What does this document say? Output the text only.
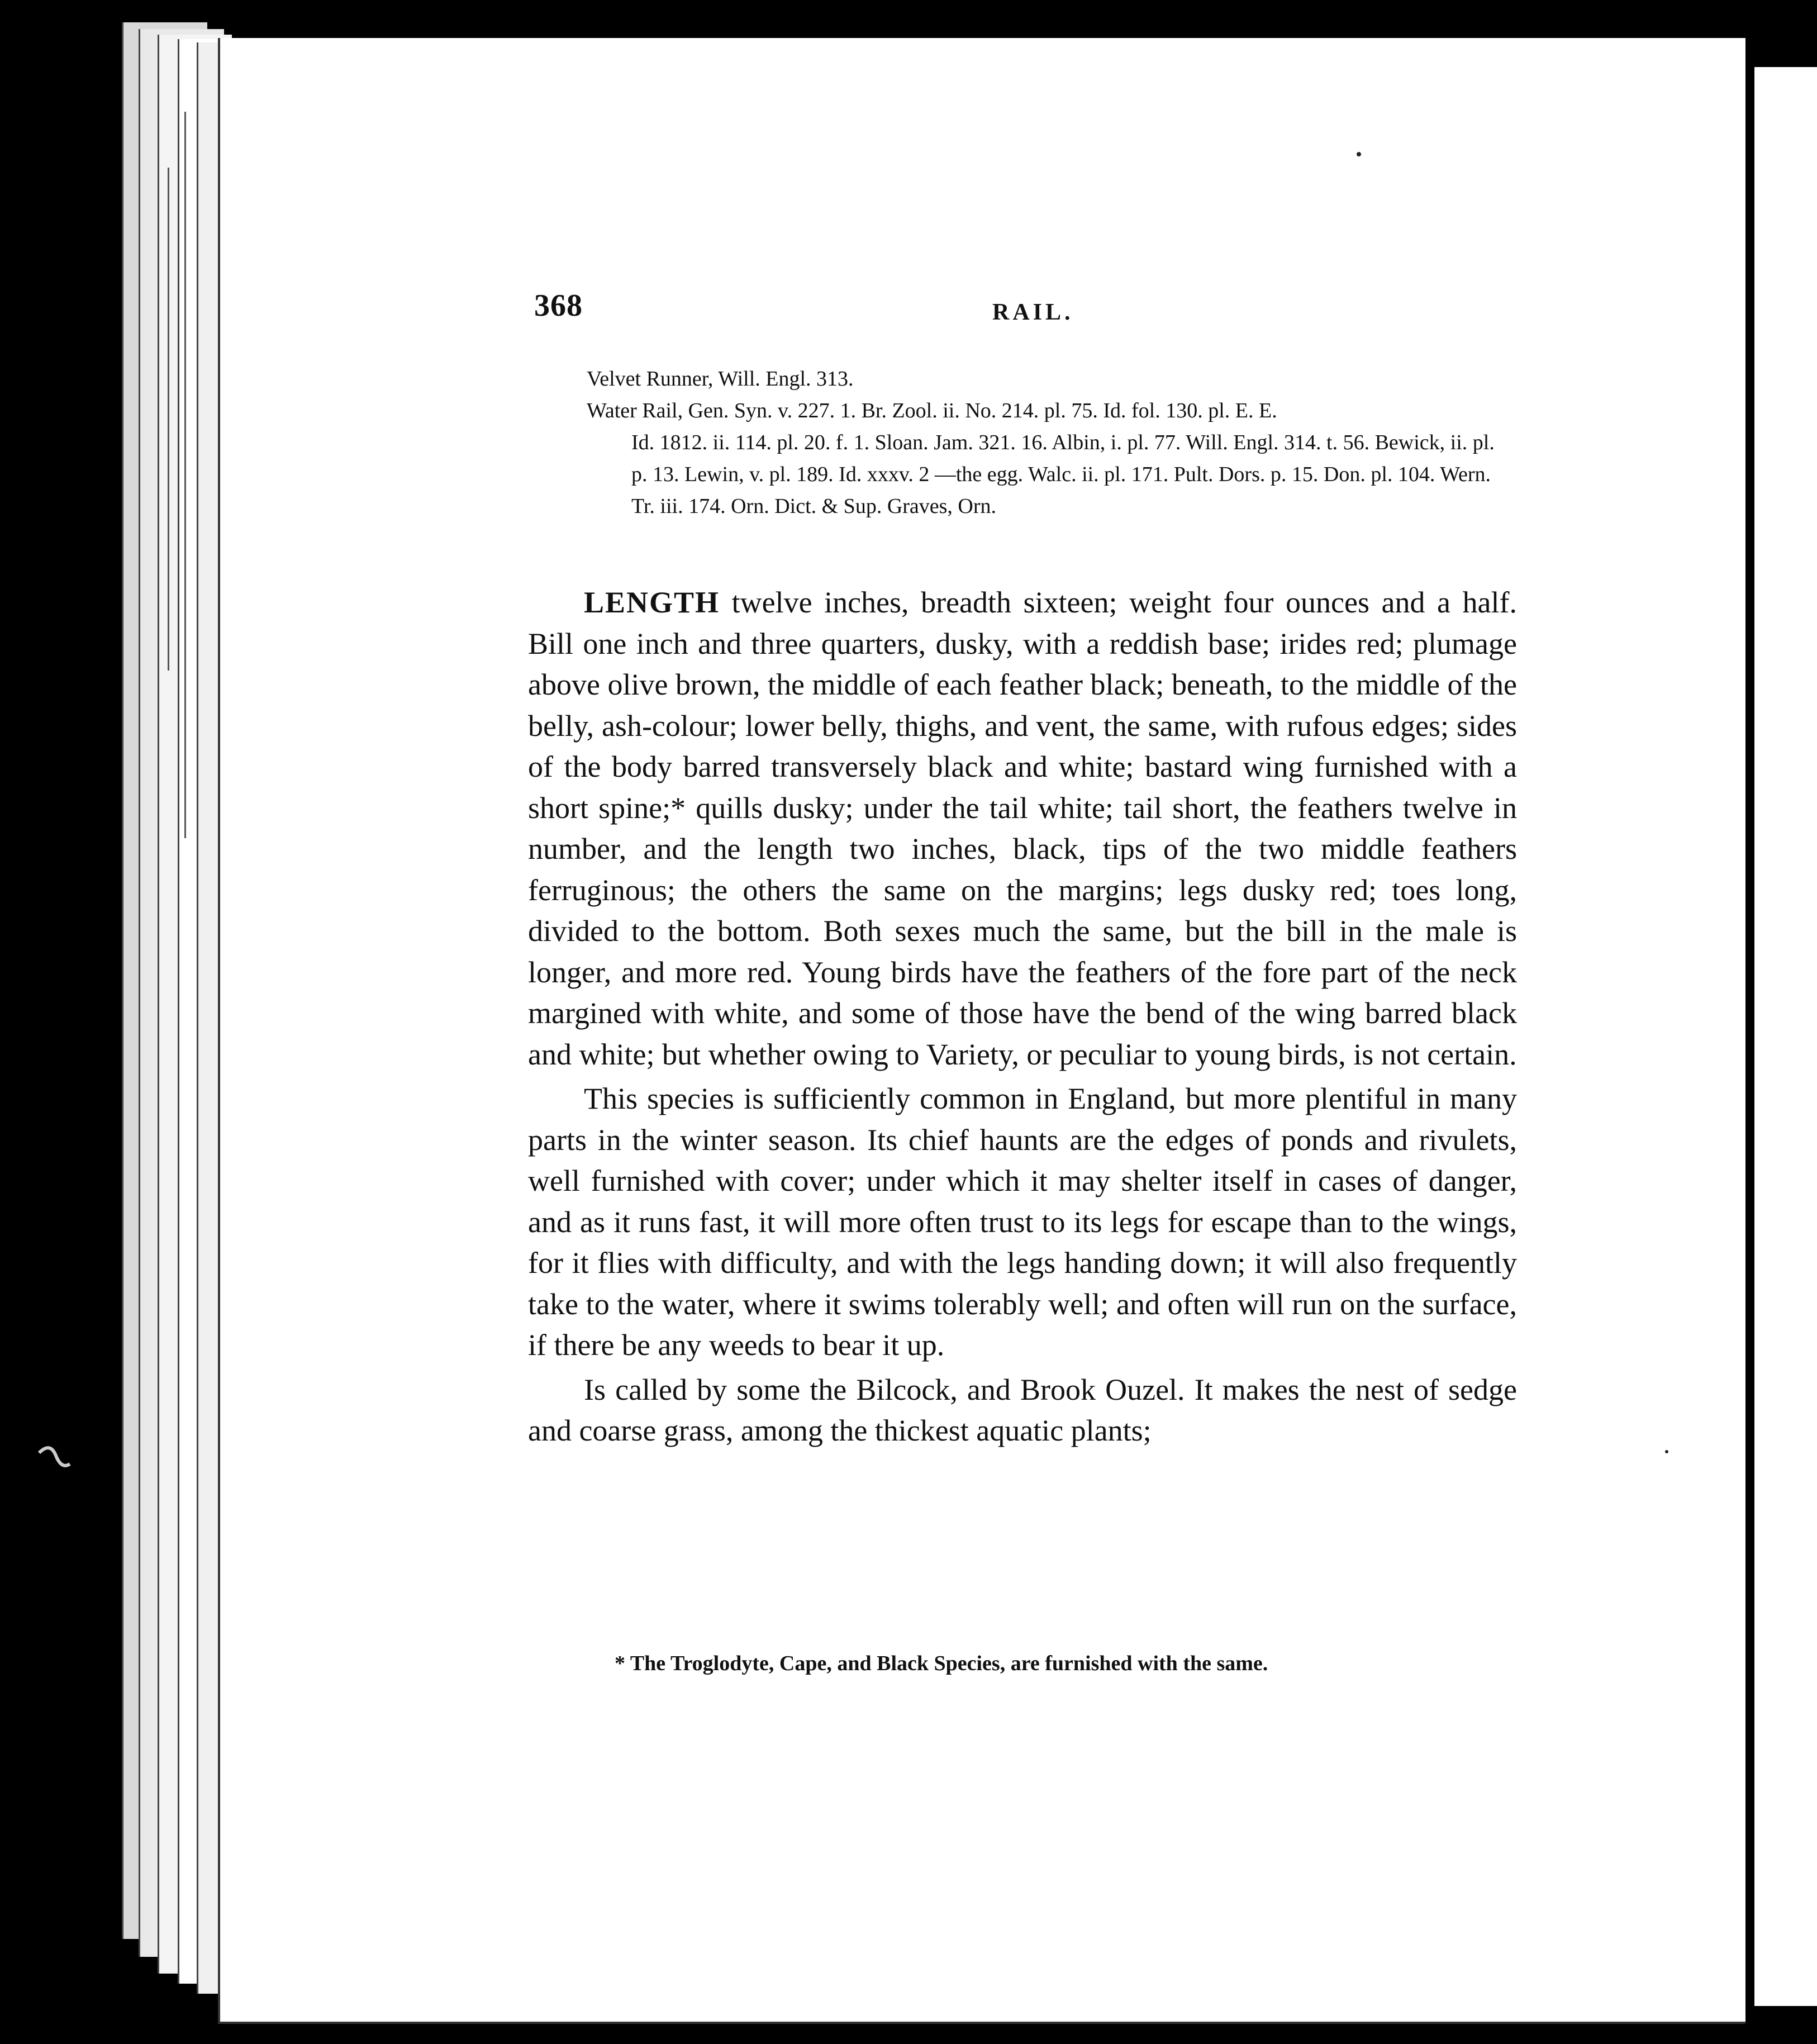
368	RAIL.
Velvet Runner, Will. Engl. 313.
Water Rail, Gen. Syn. v. 227. 1. Br. Zool. ii. No. 214. pl. 75. Id. fol. 130. pl. E. E.
Id. 1812. ii. 114. pl. 20. f. 1. Sloan. Jam. 321. 16. Albin, i. pl. 77. Will. Engl. 314. t. 56. Bewick, ii. pl. p. 13. Lewin, v. pl. 189. Id. xxxv. 2 —the egg. Walc. ii. pl. 171. Pult. Dors. p. 15. Don. pl. 104. Wern. Tr. iii. 174. Orn. Dict. & Sup. Graves, Orn.

LENGTH twelve inches, breadth sixteen; weight four ounces and a half. Bill one inch and three quarters, dusky, with a reddish base; irides red; plumage above olive brown, the middle of each feather black; beneath, to the middle of the belly, ash-colour; lower belly, thighs, and vent, the same, with rufous edges; sides of the body barred transversely black and white; bastard wing furnished with a short spine;* quills dusky; under the tail white; tail short, the feathers twelve in number, and the length two inches, black, tips of the two middle feathers ferruginous; the others the same on the margins; legs dusky red; toes long, divided to the bottom. Both sexes much the same, but the bill in the male is longer, and more red. Young birds have the feathers of the fore part of the neck margined with white, and some of those have the bend of the wing barred black and white; but whether owing to Variety, or peculiar to young birds, is not certain.

This species is sufficiently common in England, but more plentiful in many parts in the winter season. Its chief haunts are the edges of ponds and rivulets, well furnished with cover; under which it may shelter itself in cases of danger, and as it runs fast, it will more often trust to its legs for escape than to the wings, for it flies with difficulty, and with the legs handing down; it will also frequently take to the water, where it swims tolerably well; and often will run on the surface, if there be any weeds to bear it up.

Is called by some the Bilcock, and Brook Ouzel. It makes the nest of sedge and coarse grass, among the thickest aquatic plants;

* The Troglodyte, Cape, and Black Species, are furnished with the same.
